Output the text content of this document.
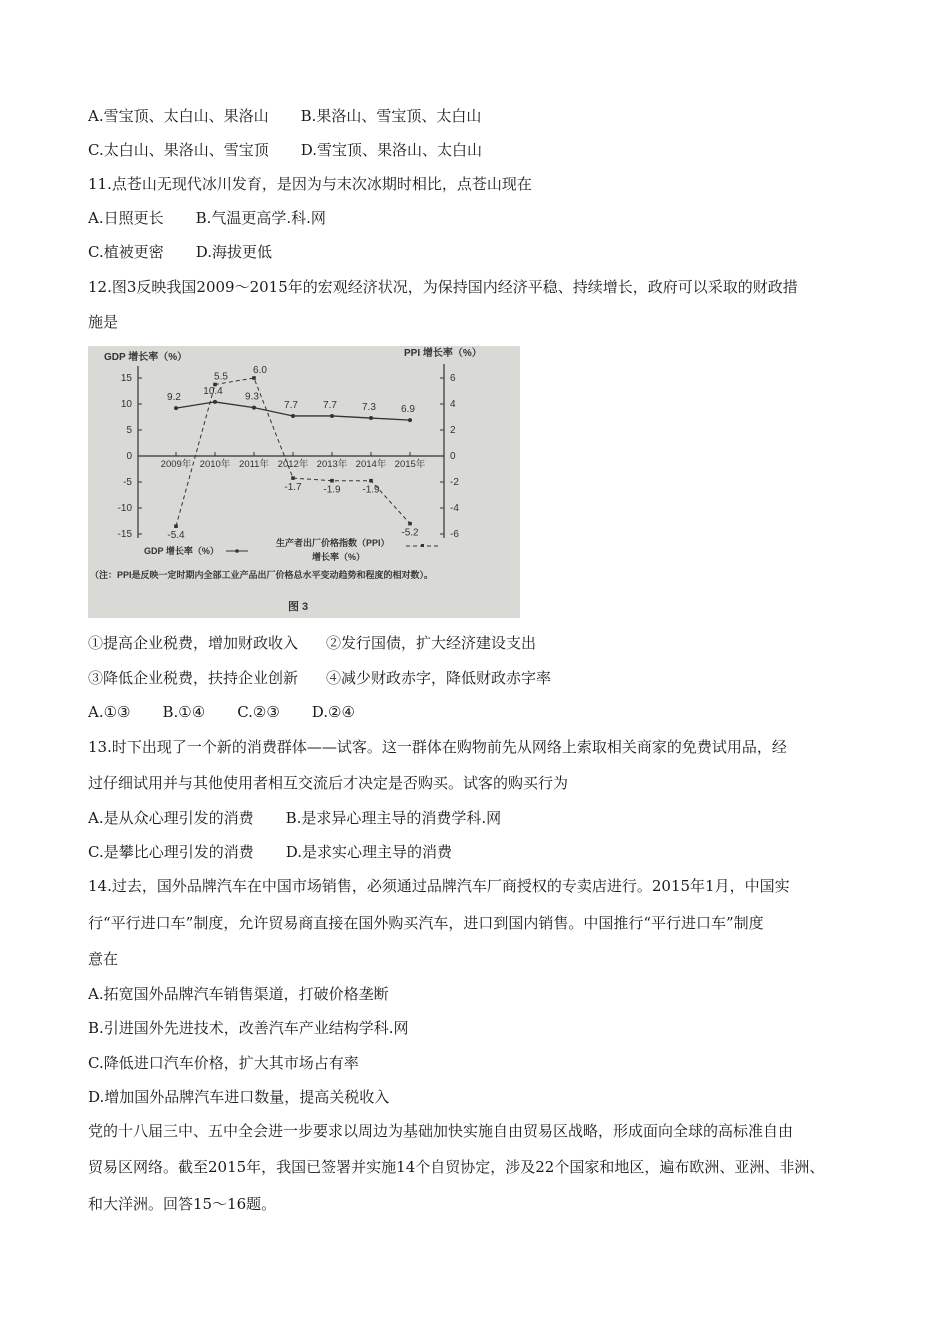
A.雪宝顶、太白山、果洛山 B.果洛山、雪宝顶、太白山
C.太白山、果洛山、雪宝顶 D.雪宝顶、果洛山、太白山
11.点苍山无现代冰川发育，是因为与末次冰期时相比，点苍山现在
A.日照更长 B.气温更高学.科.网
C.植被更密 D.海拔更低
12.图3反映我国2009～2015年的宏观经济状况，为保持国内经济平稳、持续增长，政府可以采取的财政措
施是
GDP 增长率（%）	PPI 增长率（%）
15
10
5
0
-5
-10
-15
6
4
2
0
-2
-4
-6
2009年 2010年 2011年 2012年 2013年 2014年 2015年
9.2
10.4
9.3
7.7	7.7	7.3	6.9
-5.4
5.5
6.0
-1.7 -1.9 -1.9
-5.2
GDP 增长率（%）
生产者出厂价格指数（PPI）
增长率（%）
（注：PPI是反映一定时期内全部工业产品出厂价格总水平变动趋势和程度的相对数）。
图 3
①提高企业税费，增加财政收入 ②发行国债，扩大经济建设支出
③降低企业税费，扶持企业创新 ④减少财政赤字，降低财政赤字率
A.①③ B.①④ C.②③ D.②④
13.时下出现了一个新的消费群体——试客。这一群体在购物前先从网络上索取相关商家的免费试用品，经
过仔细试用并与其他使用者相互交流后才决定是否购买。试客的购买行为
A.是从众心理引发的消费 B.是求异心理主导的消费学科.网
C.是攀比心理引发的消费 D.是求实心理主导的消费
14.过去，国外品牌汽车在中国市场销售，必须通过品牌汽车厂商授权的专卖店进行。2015年1月，中国实
行“平行进口车”制度，允许贸易商直接在国外购买汽车，进口到国内销售。中国推行“平行进口车”制度
意在
A.拓宽国外品牌汽车销售渠道，打破价格垄断
B.引进国外先进技术，改善汽车产业结构学科.网
C.降低进口汽车价格，扩大其市场占有率
D.增加国外品牌汽车进口数量，提高关税收入
党的十八届三中、五中全会进一步要求以周边为基础加快实施自由贸易区战略，形成面向全球的高标准自由
贸易区网络。截至2015年，我国已签署并实施14个自贸协定，涉及22个国家和地区，遍布欧洲、亚洲、非洲、
和大洋洲。回答15～16题。
